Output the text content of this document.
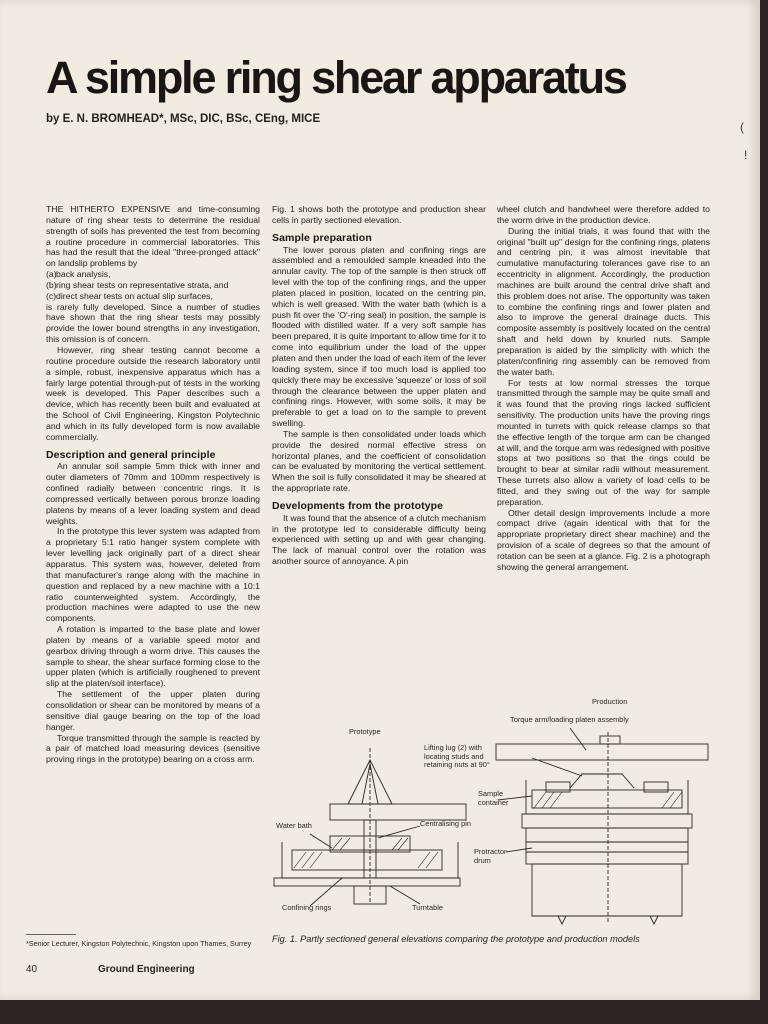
A simple ring shear apparatus
by E. N. BROMHEAD*, MSc, DIC, BSc, CEng, MICE
(
!

THE HITHERTO EXPENSIVE and time-consuming nature of ring shear tests to determine the residual strength of soils has prevented the test from becoming a routine procedure in commercial laboratories. This has had the result that the ideal "three-pronged attack" on landslip problems by

(a) back analysis,
(b) ring shear tests on representative strata, and
(c) direct shear tests on actual slip surfaces,

is rarely fully developed. Since a number of studies have shown that the ring shear tests may possibly provide the lower bound strengths in any investigation, this omission is of concern.

However, ring shear testing cannot become a routine procedure outside the research laboratory until a simple, robust, inexpensive apparatus which has a fairly large potential through-put of tests in the working week is developed. This Paper describes such a device, which has recently been built and evaluated at the School of Civil Engineering, Kingston Polytechnic and which in its fully developed form is now available commercially.

Description and general principle

An annular soil sample 5mm thick with inner and outer diameters of 70mm and 100mm respectively is confined radially between concentric rings. It is compressed vertically between porous bronze loading platens by means of a lever loading system and dead weights.

In the prototype this lever system was adapted from a proprietary 5:1 ratio hanger system complete with lever levelling jack originally part of a direct shear apparatus. This system was, however, deleted from that manufacturer's range along with the machine in question and replaced by a new machine with a 10:1 ratio counterweighted system. Accordingly, the production machines were adapted to use the new components.

A rotation is imparted to the base plate and lower platen by means of a variable speed motor and gearbox driving through a worm drive. This causes the sample to shear, the shear surface forming close to the upper platen (which is artificially roughened to prevent slip at the platen/soil interface).

The settlement of the upper platen during consolidation or shear can be monitored by means of a sensitive dial gauge bearing on the top of the load hanger.

Torque transmitted through the sample is reacted by a pair of matched load measuring devices (sensitive proving rings in the prototype) bearing on a cross arm.

Fig. 1 shows both the prototype and production shear cells in partly sectioned elevation.

Sample preparation

The lower porous platen and confining rings are assembled and a remoulded sample kneaded into the annular cavity. The top of the sample is then struck off level with the top of the confining rings, and the upper platen placed in position, located on the centring pin, which is well greased. With the water bath (which is a push fit over the 'O'-ring seal) in position, the sample is flooded with distilled water. If a very soft sample has been prepared, it is quite important to allow time for it to come into equilibrium under the load of the upper platen and then under the load of each item of the lever loading system, since if too much load is applied too quickly there may be excessive 'squeeze' or loss of soil through the clearance between the upper platen and confining rings. However, with some soils, it may be preferable to get a load on to the sample to prevent swelling.

The sample is then consolidated under loads which provide the desired normal effective stress on horizontal planes, and the coefficient of consolidation can be evaluated by monitoring the vertical settlement. When the soil is fully consolidated it may be sheared at the appropriate rate.

Developments from the prototype

It was found that the absence of a clutch mechanism in the prototype led to considerable difficulty being experienced with setting up and with gear changing. The lack of manual control over the rotation was another source of annoyance. A pin

wheel clutch and handwheel were therefore added to the worm drive in the production device.

During the initial trials, it was found that with the original "built up" design for the confining rings, platens and centring pin, it was almost inevitable that cumulative manufacturing tolerances gave rise to an eccentricity in alignment. Accordingly, the production machines are built around the central drive shaft and this problem does not arise. The opportunity was taken to combine the confining rings and lower platen and also to improve the general drainage ducts. This composite assembly is positively located on the central shaft and held down by knurled nuts. Sample preparation is aided by the simplicity with which the platen/confining ring assembly can be removed from the water bath.

For tests at low normal stresses the torque transmitted through the sample may be quite small and it was found that the proving rings lacked sufficient sensitivity. The production units have the proving rings mounted in turrets with quick release clamps so that the effective length of the torque arm can be changed at will, and the torque arm was redesigned with positive stops at two positions so that the rings could be brought to bear at similar radii without measurement. These turrets also allow a variety of load cells to be fitted, and they swing out of the way for sample preparation.

Other detail design improvements include a more compact drive (again identical with that for the appropriate proprietary direct shear machine) and the provision of a scale of degrees so that the amount of rotation can be seen at a glance. Fig. 2 is a photograph showing the general arrangement.

Prototype
Production
Torque arm/loading platen assembly
Lifting lug (2) with locating studs and retaining nuts at 90°
Sample container
Centralising pin
Water bath
Protractor drum
Confining rings	Turntable
Fig. 1. Partly sectioned general elevations comparing the prototype and production models
*Senior Lecturer, Kingston Polytechnic, Kingston upon Thames, Surrey
40	Ground Engineering
